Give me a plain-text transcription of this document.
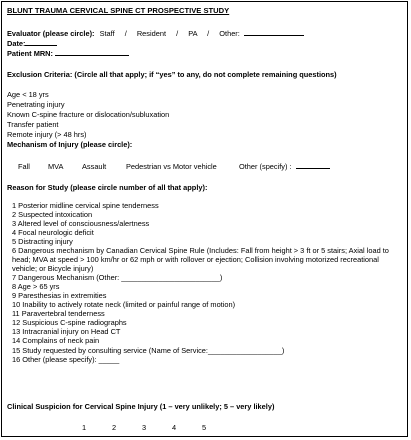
BLUNT TRAUMA CERVICAL SPINE CT PROSPECTIVE STUDY
Evaluator (please circle): Staff / Resident / PA / Other:
Date:
Patient MRN:
Exclusion Criteria: (Circle all that apply; if “yes” to any, do not complete remaining questions)
Age < 18 yrs
Penetrating injury
Known C-spine fracture or dislocation/subluxation
Transfer patient
Remote injury (> 48 hrs)
Mechanism of Injury (please circle):
Fall MVA	Assault	Pedestrian vs Motor vehicle	Other (specify) :
Reason for Study (please circle number of all that apply):
1 Posterior midline cervical spine tenderness
2 Suspected intoxication
3 Altered level of consciousness/alertness
4 Focal neurologic deficit
5 Distracting injury
6 Dangerous mechanism by Canadian Cervical Spine Rule (Includes: Fall from height > 3 ft or 5 stairs; Axial load to head; MVA at speed > 100 km/hr or 62 mph or with rollover or ejection; Collision involving motorized recreational vehicle; or Bicycle injury)
7 Dangerous Mechanism (Other: ________________________)
8 Age > 65 yrs
9 Paresthesias in extremities
10 Inability to actively rotate neck (limited or painful range of motion)
11 Paravertebral tenderness
12 Suspicious C-spine radiographs
13 Intracranial injury on Head CT
14 Complains of neck pain
15 Study requested by consulting service (Name of Service:__________________)
16 Other (please specify): _____
Clinical Suspicion for Cervical Spine Injury (1 – very unlikely; 5 – very likely)
1	2	3	4	5
